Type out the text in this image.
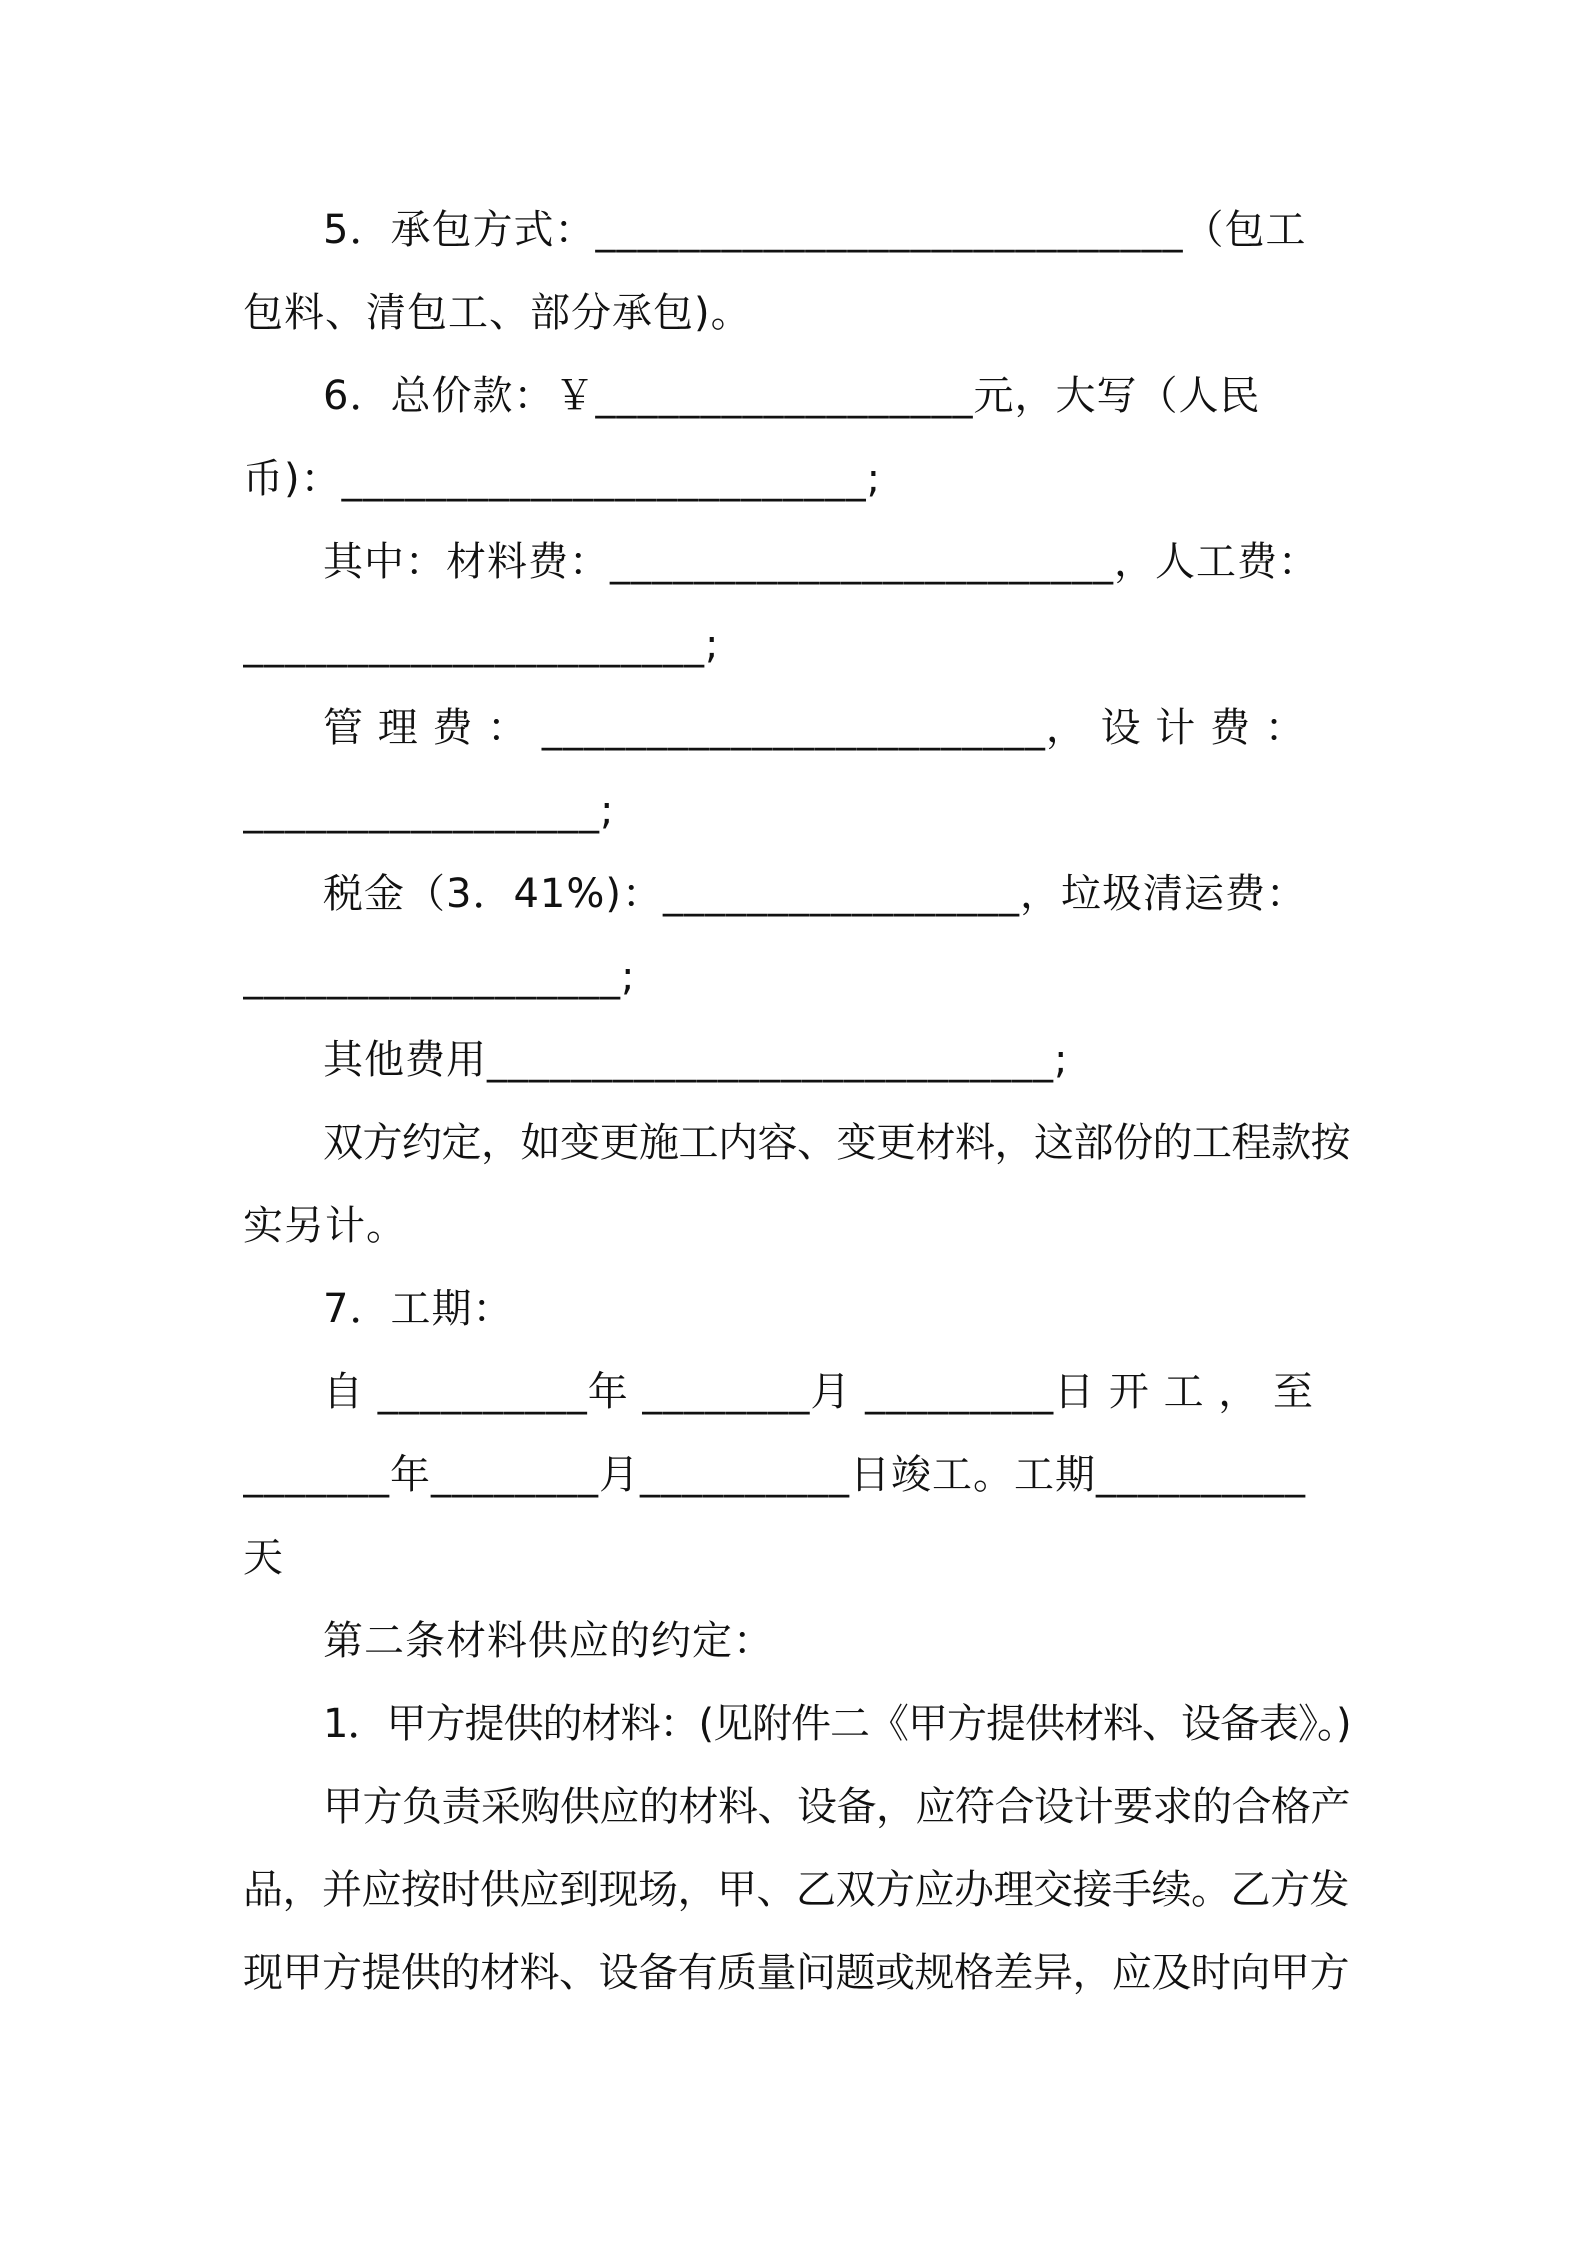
5．承包方式：____________________________（包工
包料、清包工、部分承包)。
6．总价款：￥__________________元，大写（人民
币)：_________________________;
其中：材料费：________________________，人工费：
______________________;
管 理 费 ： ________________________， 设 计 费 ：
_________________;
税金（3．41%)：_________________，垃圾清运费：
__________________;
其他费用___________________________;
双方约定，如变更施工内容、变更材料，这部份的工程款按
实另计。
7．工期：
自 __________年 ________月 _________日 开 工 ， 至
_______年________月__________日竣工。工期__________
天
第二条材料供应的约定：
1．甲方提供的材料：(见附件二《甲方提供材料、设备表》。)
甲方负责采购供应的材料、设备，应符合设计要求的合格产
品，并应按时供应到现场，甲、乙双方应办理交接手续。乙方发
现甲方提供的材料、设备有质量问题或规格差异，应及时向甲方
